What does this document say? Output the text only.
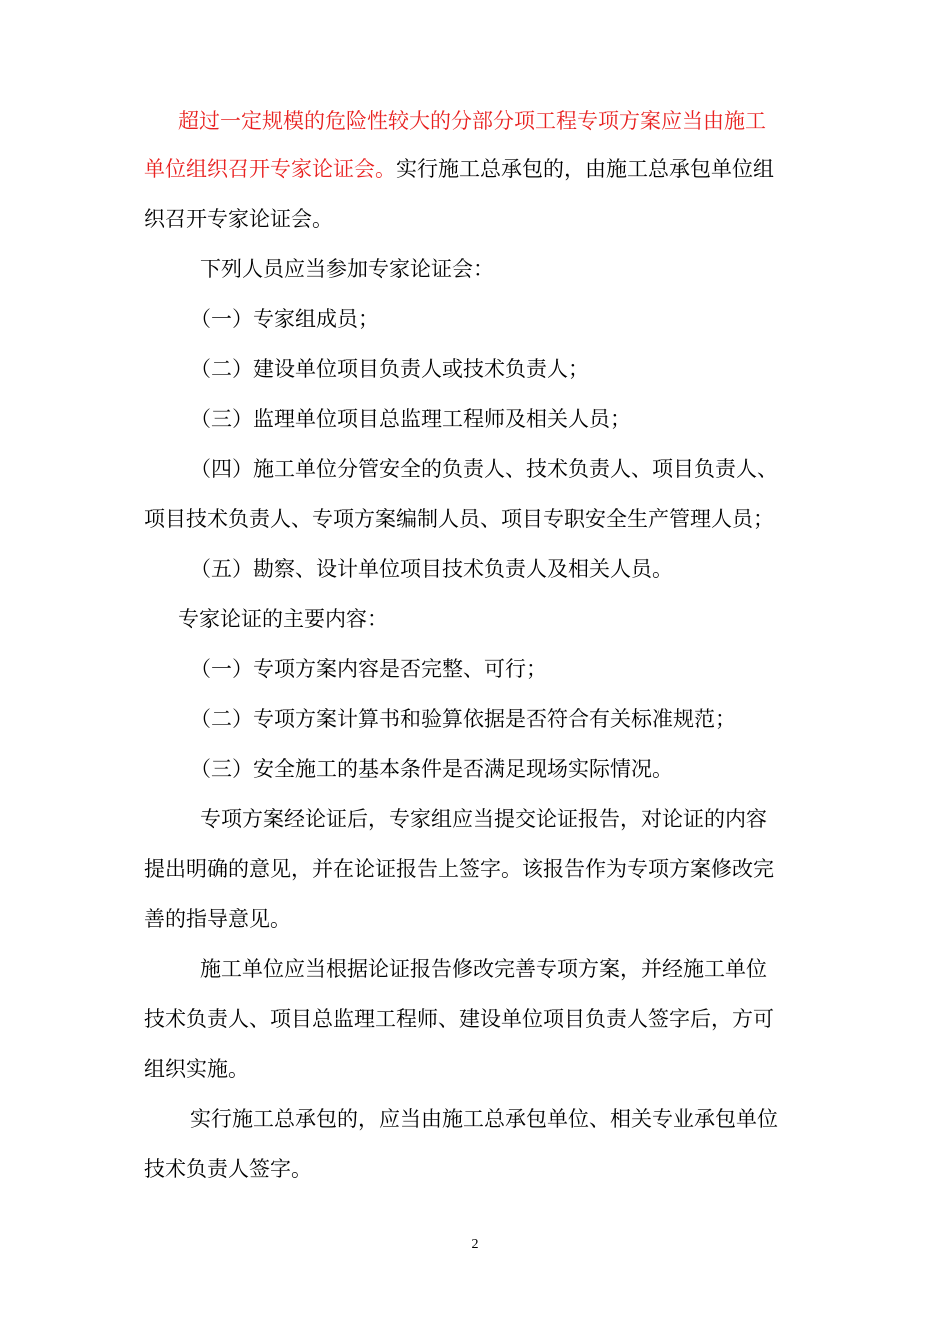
超过一定规模的危险性较大的分部分项工程专项方案应当由施工

单位组织召开专家论证会。实行施工总承包的，由施工总承包单位组

织召开专家论证会。

下列人员应当参加专家论证会：

（一）专家组成员；

（二）建设单位项目负责人或技术负责人；

（三）监理单位项目总监理工程师及相关人员；

（四）施工单位分管安全的负责人、技术负责人、项目负责人、

项目技术负责人、专项方案编制人员、项目专职安全生产管理人员；

（五）勘察、设计单位项目技术负责人及相关人员。

专家论证的主要内容：

（一）专项方案内容是否完整、可行；

（二）专项方案计算书和验算依据是否符合有关标准规范；

（三）安全施工的基本条件是否满足现场实际情况。

专项方案经论证后，专家组应当提交论证报告，对论证的内容

提出明确的意见，并在论证报告上签字。该报告作为专项方案修改完

善的指导意见。

施工单位应当根据论证报告修改完善专项方案，并经施工单位

技术负责人、项目总监理工程师、建设单位项目负责人签字后，方可

组织实施。

实行施工总承包的，应当由施工总承包单位、相关专业承包单位

技术负责人签字。

2
